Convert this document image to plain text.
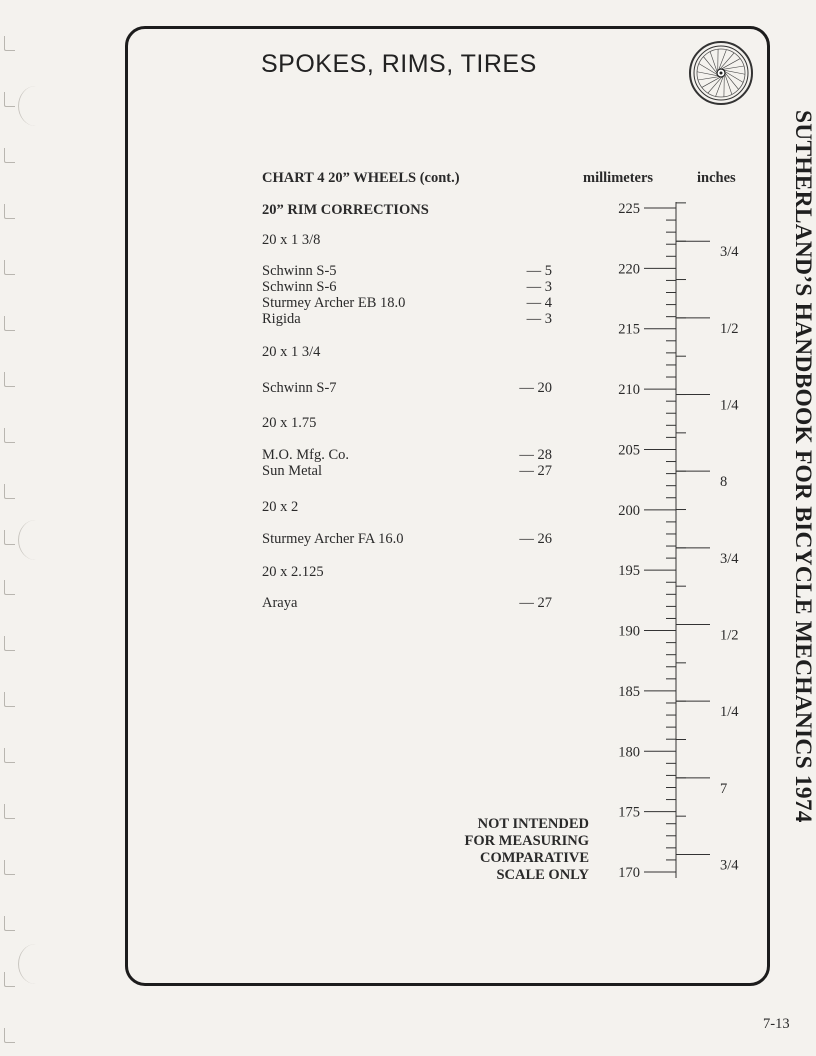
SPOKES, RIMS, TIRES
SUTHERLAND’S HANDBOOK FOR BICYCLE MECHANICS 1974
CHART 4 20” WHEELS (cont.)	millimeters	inches
20” RIM CORRECTIONS
20 x 1 3/8
Schwinn S-5	— 5
Schwinn S-6	— 3
Sturmey Archer EB 18.0	— 4
Rigida	— 3
20 x 1 3/4
Schwinn S-7	— 20
20 x 1.75
M.O. Mfg. Co.	— 28
Sun Metal	— 27
20 x 2
Sturmey Archer FA 16.0	— 26
20 x 2.125
Araya	— 27
225
220
215
210
205
200
195
190
185
180
175
170
3/4
1/2
1/4
8
3/4
1/2
1/4
7
3/4
NOT INTENDED
FOR MEASURING
COMPARATIVE
SCALE ONLY
7-13
